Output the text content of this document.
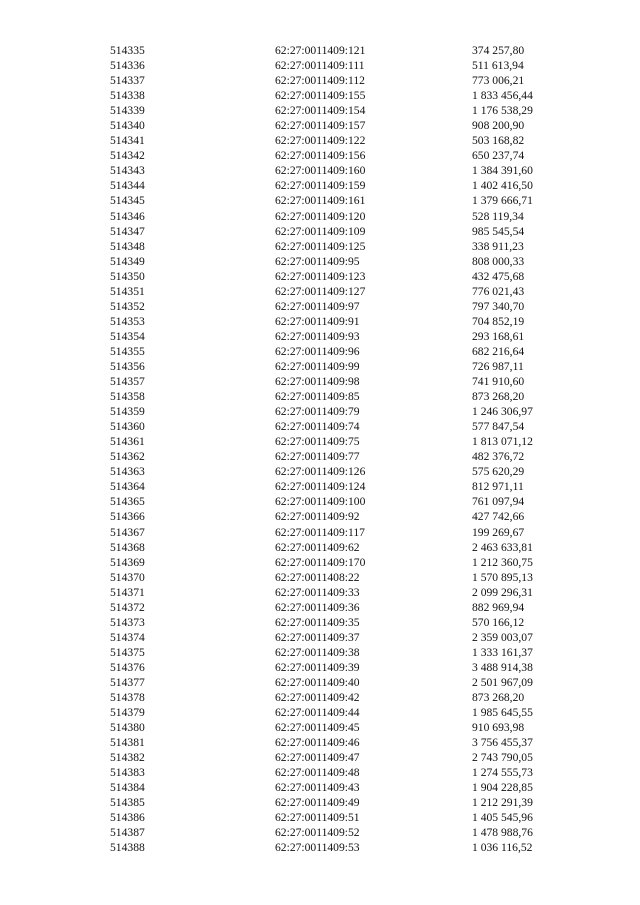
514335	62:27:0011409:121	374 257,80
514336	62:27:0011409:111	511 613,94
514337	62:27:0011409:112	773 006,21
514338	62:27:0011409:155	1 833 456,44
514339	62:27:0011409:154	1 176 538,29
514340	62:27:0011409:157	908 200,90
514341	62:27:0011409:122	503 168,82
514342	62:27:0011409:156	650 237,74
514343	62:27:0011409:160	1 384 391,60
514344	62:27:0011409:159	1 402 416,50
514345	62:27:0011409:161	1 379 666,71
514346	62:27:0011409:120	528 119,34
514347	62:27:0011409:109	985 545,54
514348	62:27:0011409:125	338 911,23
514349	62:27:0011409:95	808 000,33
514350	62:27:0011409:123	432 475,68
514351	62:27:0011409:127	776 021,43
514352	62:27:0011409:97	797 340,70
514353	62:27:0011409:91	704 852,19
514354	62:27:0011409:93	293 168,61
514355	62:27:0011409:96	682 216,64
514356	62:27:0011409:99	726 987,11
514357	62:27:0011409:98	741 910,60
514358	62:27:0011409:85	873 268,20
514359	62:27:0011409:79	1 246 306,97
514360	62:27:0011409:74	577 847,54
514361	62:27:0011409:75	1 813 071,12
514362	62:27:0011409:77	482 376,72
514363	62:27:0011409:126	575 620,29
514364	62:27:0011409:124	812 971,11
514365	62:27:0011409:100	761 097,94
514366	62:27:0011409:92	427 742,66
514367	62:27:0011409:117	199 269,67
514368	62:27:0011409:62	2 463 633,81
514369	62:27:0011409:170	1 212 360,75
514370	62:27:0011408:22	1 570 895,13
514371	62:27:0011409:33	2 099 296,31
514372	62:27:0011409:36	882 969,94
514373	62:27:0011409:35	570 166,12
514374	62:27:0011409:37	2 359 003,07
514375	62:27:0011409:38	1 333 161,37
514376	62:27:0011409:39	3 488 914,38
514377	62:27:0011409:40	2 501 967,09
514378	62:27:0011409:42	873 268,20
514379	62:27:0011409:44	1 985 645,55
514380	62:27:0011409:45	910 693,98
514381	62:27:0011409:46	3 756 455,37
514382	62:27:0011409:47	2 743 790,05
514383	62:27:0011409:48	1 274 555,73
514384	62:27:0011409:43	1 904 228,85
514385	62:27:0011409:49	1 212 291,39
514386	62:27:0011409:51	1 405 545,96
514387	62:27:0011409:52	1 478 988,76
514388	62:27:0011409:53	1 036 116,52
